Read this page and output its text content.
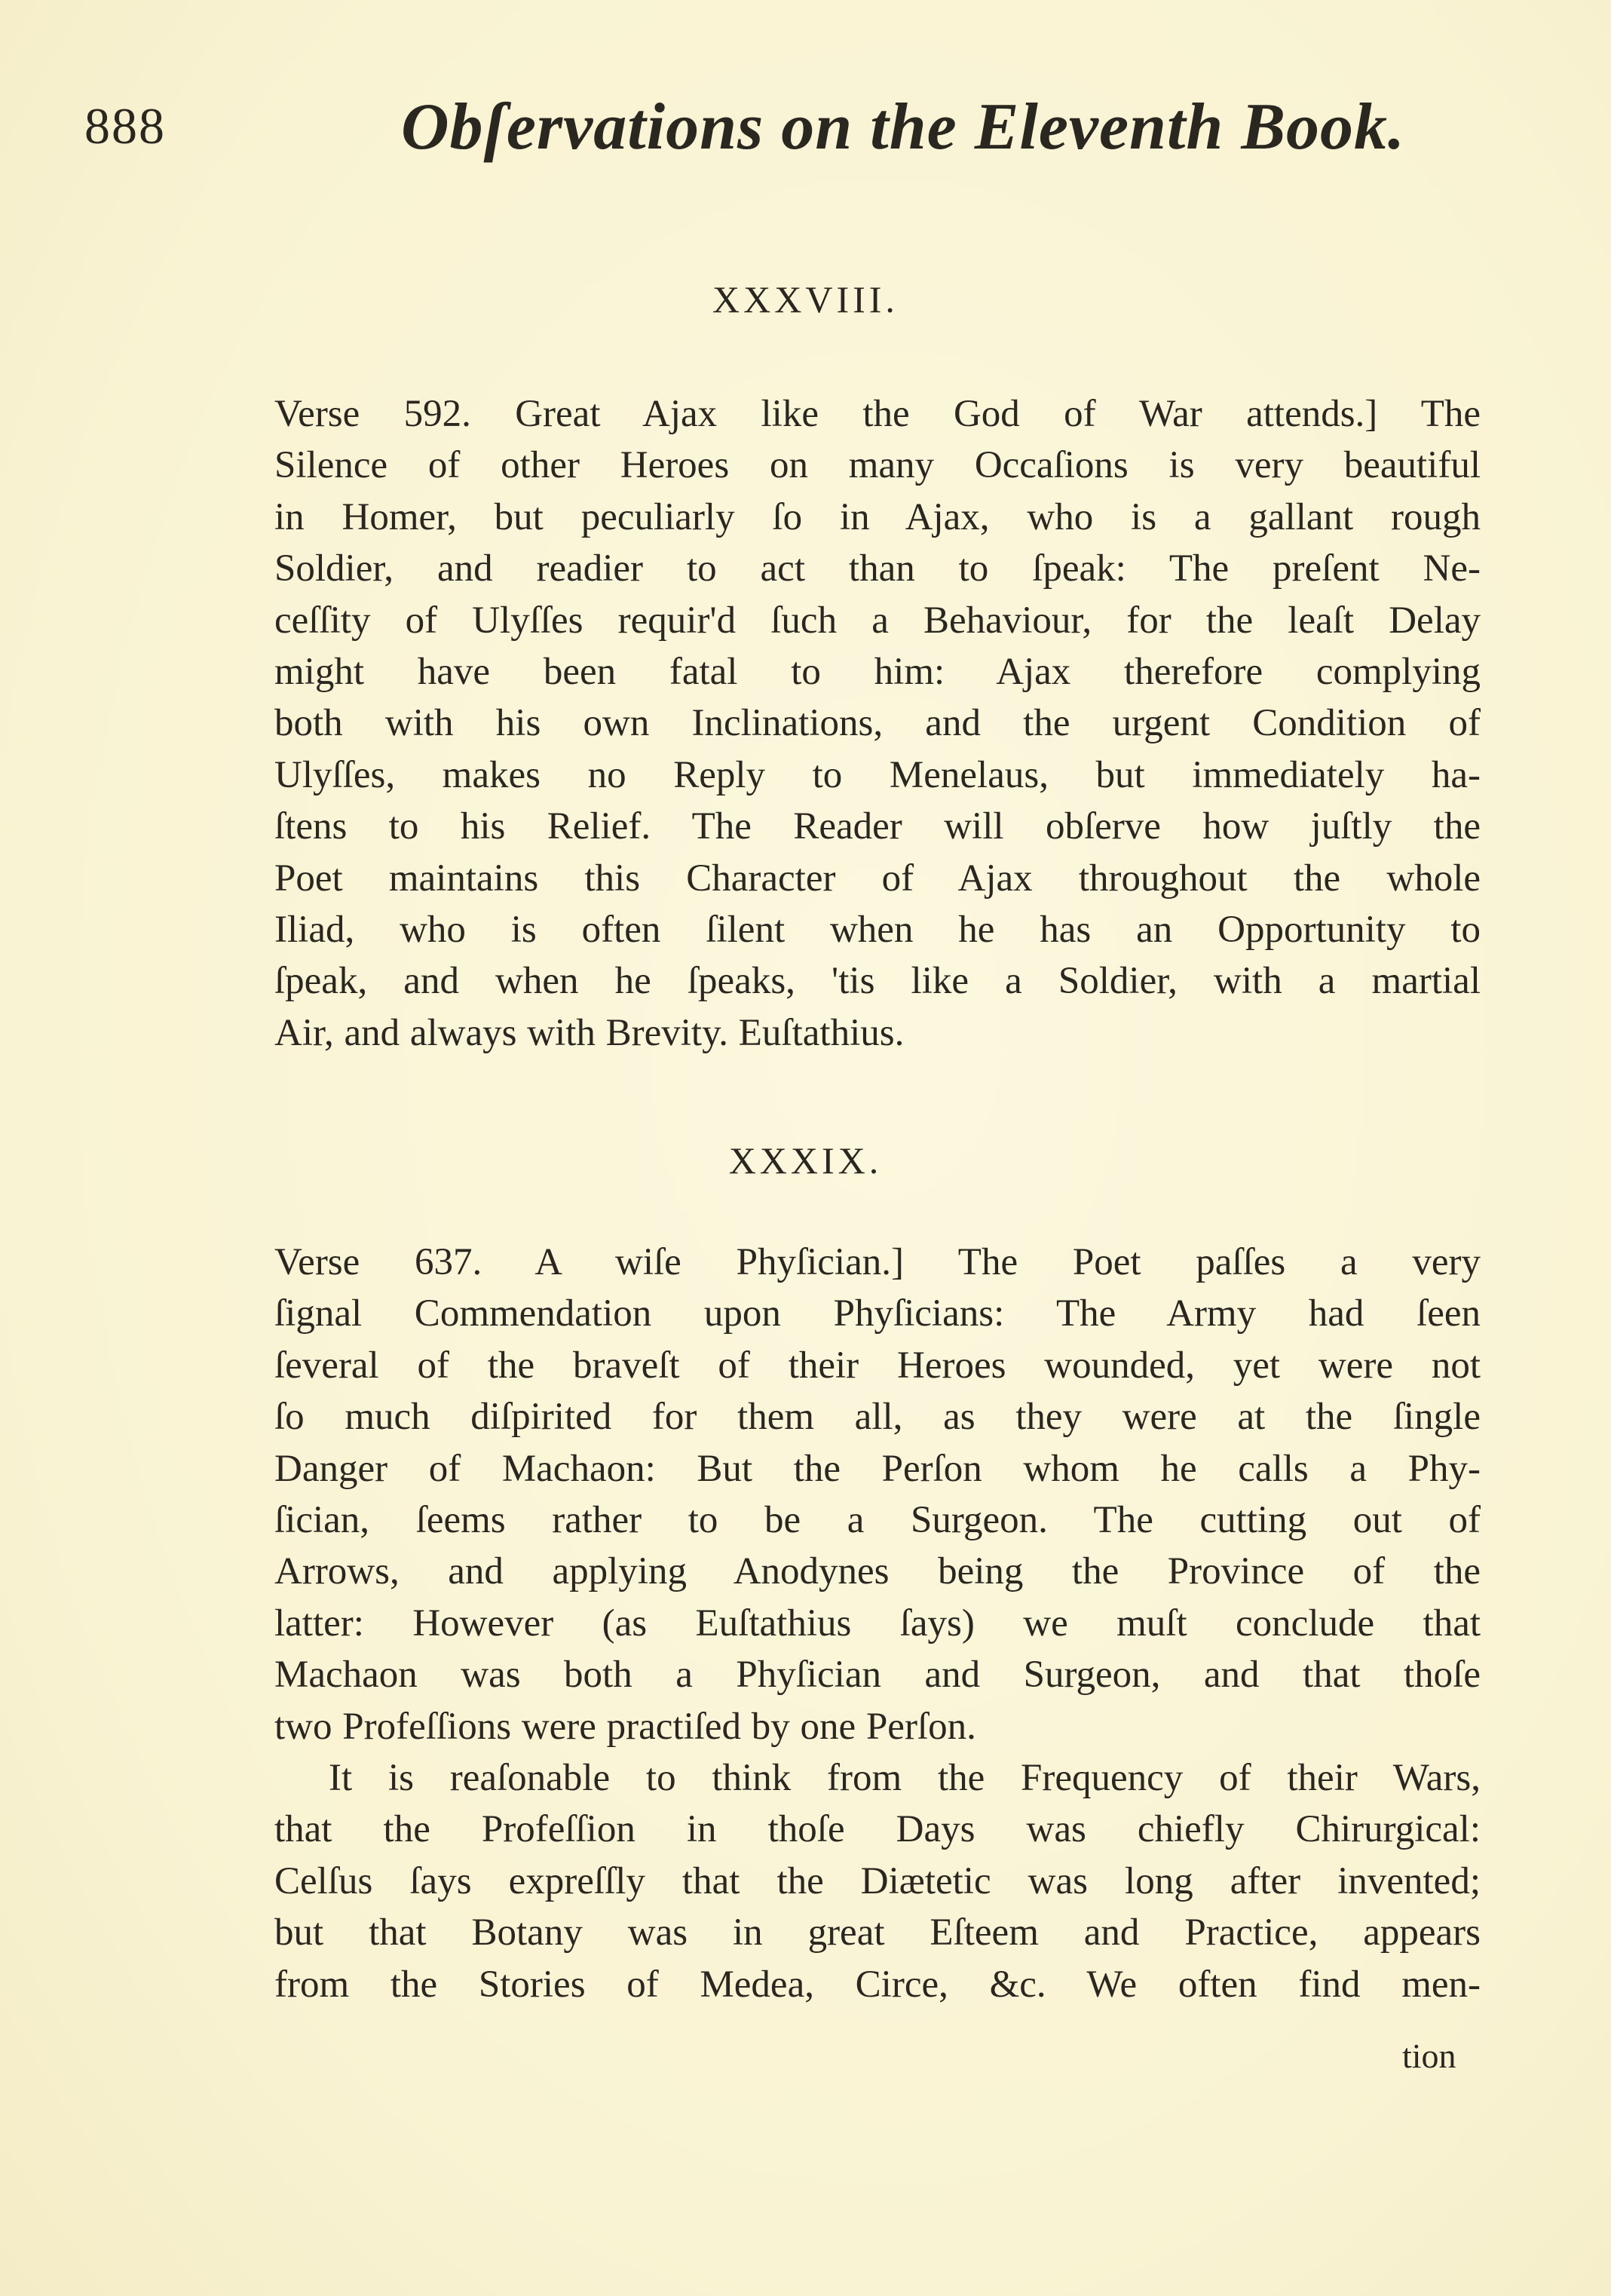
888	Obſervations on the Eleventh Book.
XXXVIII.
Verse 592. Great Ajax like the God of War attends.] The
Silence of other Heroes on many Occaſions is very beautiful
in Homer, but peculiarly ſo in Ajax, who is a gallant rough
Soldier, and readier to act than to ſpeak: The preſent Ne-
ceſſity of Ulyſſes requir'd ſuch a Behaviour, for the leaſt Delay
might have been fatal to him: Ajax therefore complying
both with his own Inclinations, and the urgent Condition of
Ulyſſes, makes no Reply to Menelaus, but immediately ha-
ſtens to his Relief. The Reader will obſerve how juſtly the
Poet maintains this Character of Ajax throughout the whole
Iliad, who is often ſilent when he has an Opportunity to
ſpeak, and when he ſpeaks, 'tis like a Soldier, with a martial
Air, and always with Brevity. Euſtathius.
XXXIX.
Verse 637. A wiſe Phyſician.] The Poet paſſes a very
ſignal Commendation upon Phyſicians: The Army had ſeen
ſeveral of the braveſt of their Heroes wounded, yet were not
ſo much diſpirited for them all, as they were at the ſingle
Danger of Machaon: But the Perſon whom he calls a Phy-
ſician, ſeems rather to be a Surgeon. The cutting out of
Arrows, and applying Anodynes being the Province of the
latter: However (as Euſtathius ſays) we muſt conclude that
Machaon was both a Phyſician and Surgeon, and that thoſe
two Profeſſions were practiſed by one Perſon.
It is reaſonable to think from the Frequency of their Wars,
that the Profeſſion in thoſe Days was chiefly Chirurgical:
Celſus ſays expreſſly that the Diætetic was long after invented;
but that Botany was in great Eſteem and Practice, appears
from the Stories of Medea, Circe, &c. We often find men-
tion
